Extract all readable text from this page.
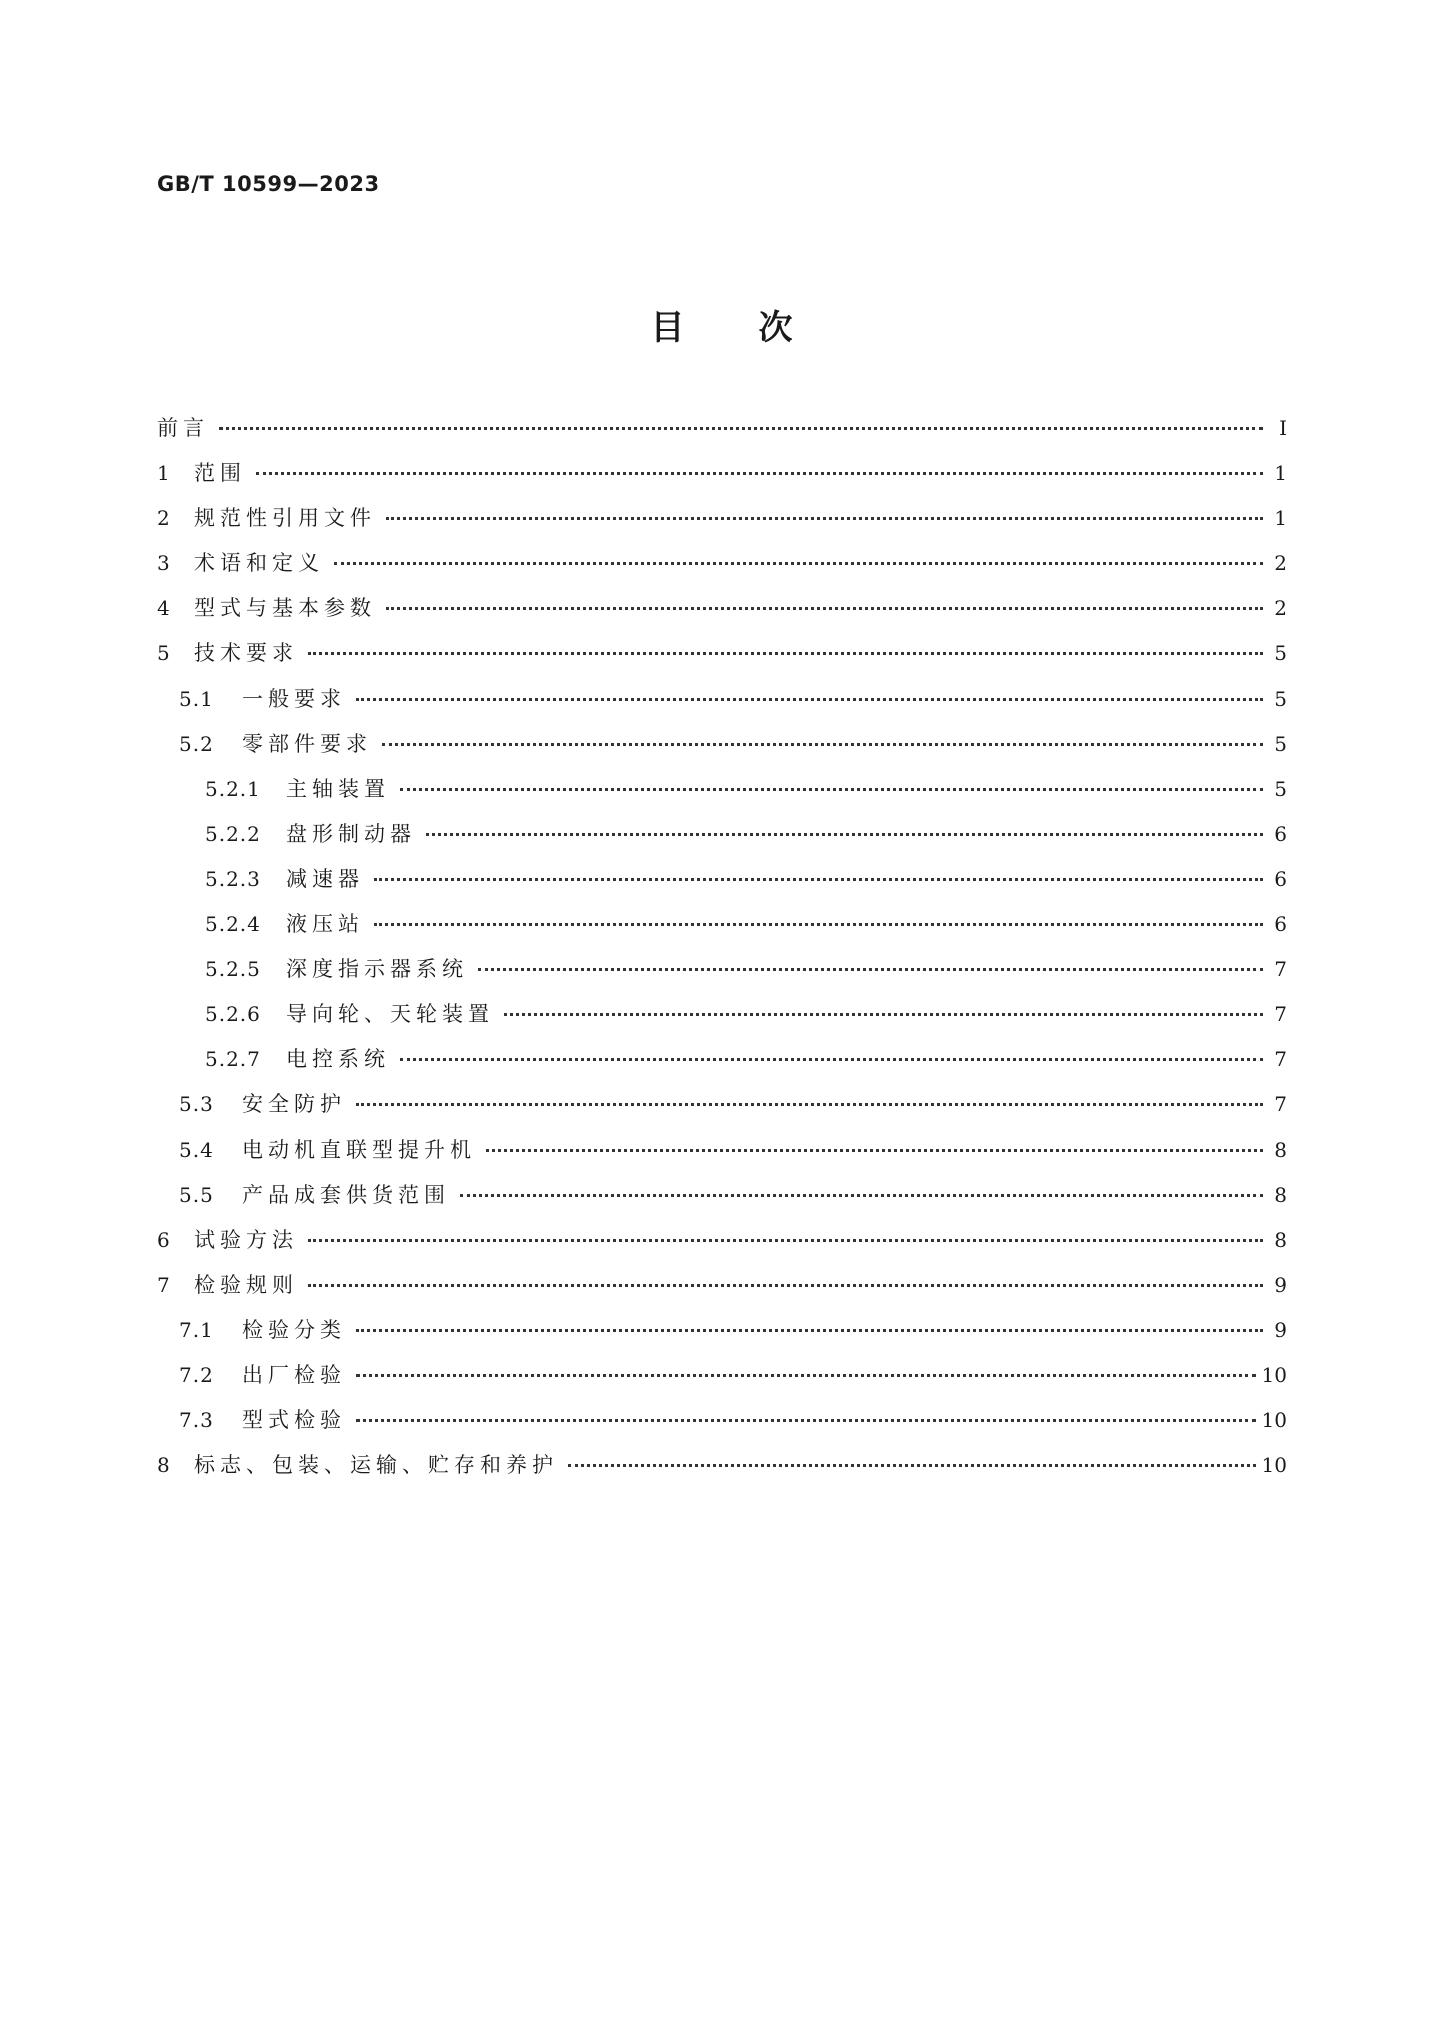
GB/T 10599—2023
目 次
前言	Ⅰ
1	范围	1
2	规范性引用文件	1
3	术语和定义	2
4	型式与基本参数	2
5	技术要求	5
5.1	一般要求	5
5.2	零部件要求	5
5.2.1	主轴装置	5
5.2.2	盘形制动器	6
5.2.3	减速器	6
5.2.4	液压站	6
5.2.5	深度指示器系统	7
5.2.6	导向轮、天轮装置	7
5.2.7	电控系统	7
5.3	安全防护	7
5.4	电动机直联型提升机	8
5.5	产品成套供货范围	8
6	试验方法	8
7	检验规则	9
7.1	检验分类	9
7.2	出厂检验	10
7.3	型式检验	10
8	标志、包装、运输、贮存和养护	10
